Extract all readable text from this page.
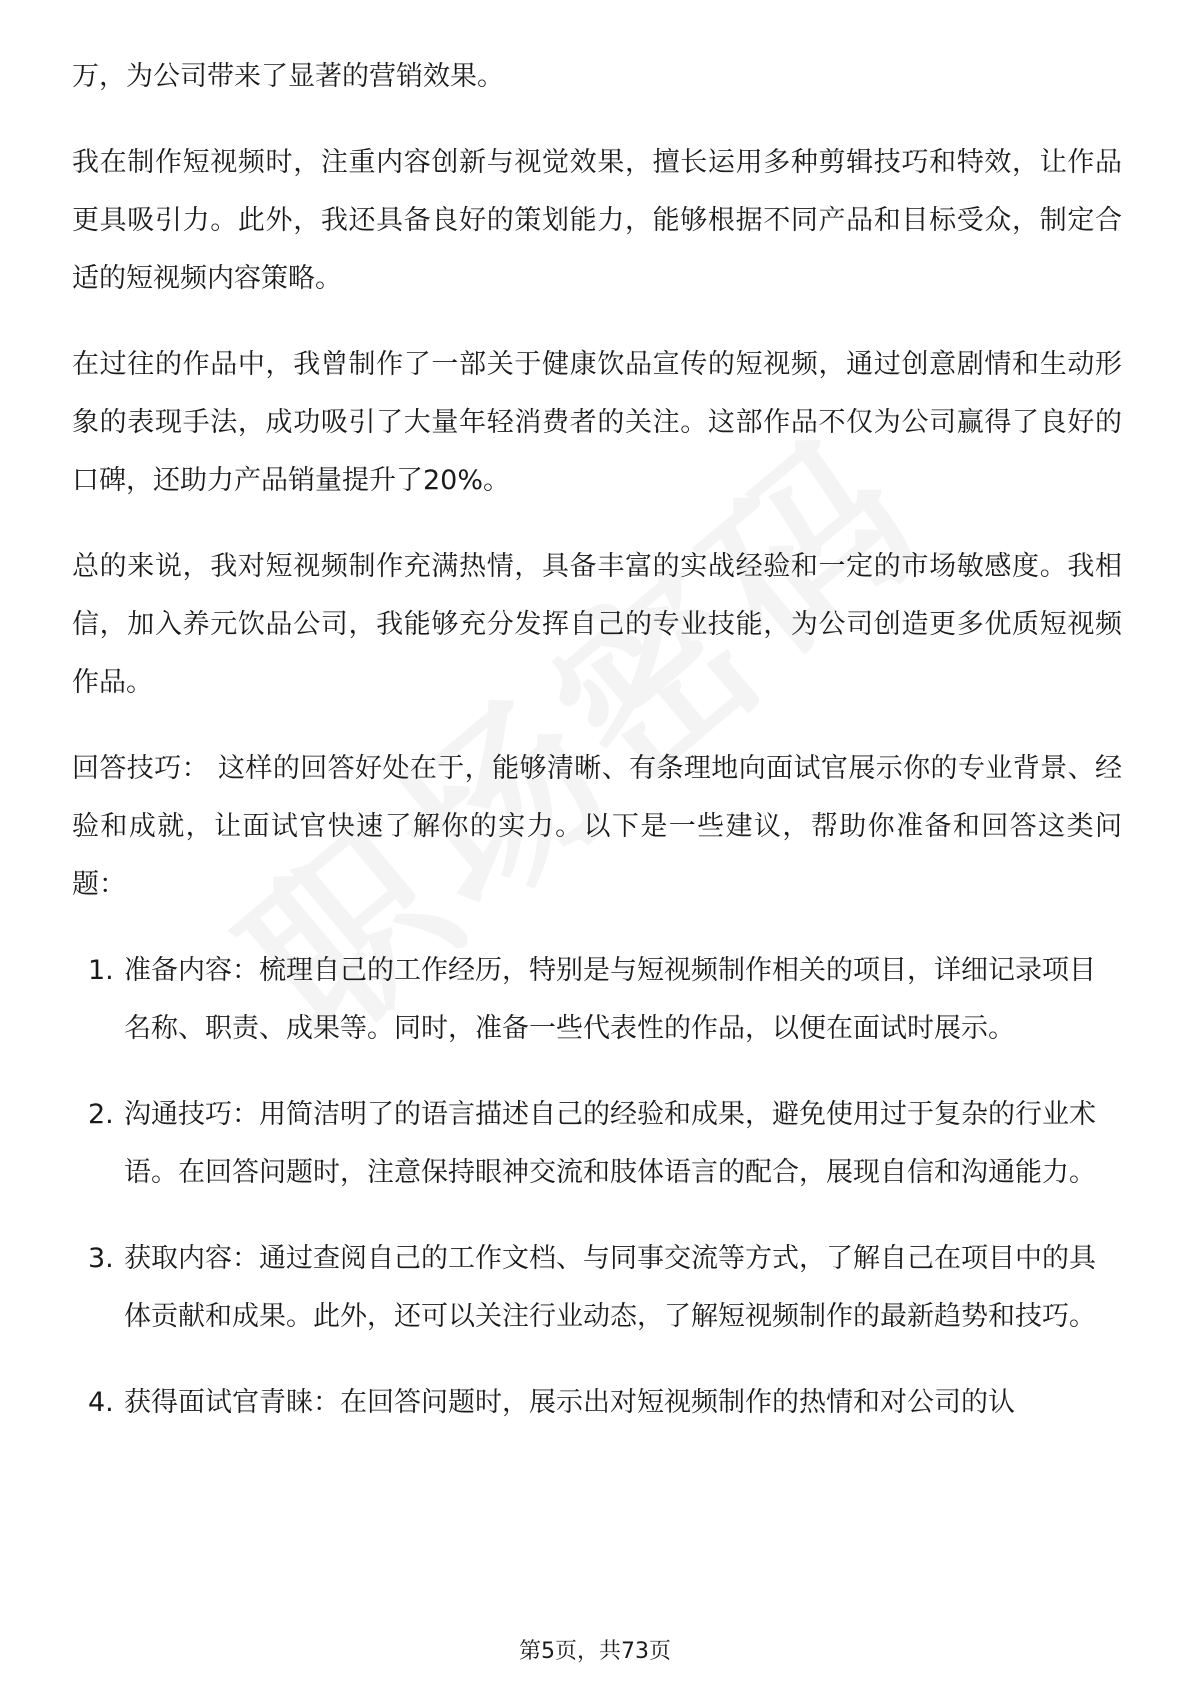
万，为公司带来了显著的营销效果。

我在制作短视频时，注重内容创新与视觉效果，擅长运用多种剪辑技巧和特效，让作品更具吸引力。此外，我还具备良好的策划能力，能够根据不同产品和目标受众，制定合适的短视频内容策略。

在过往的作品中，我曾制作了一部关于健康饮品宣传的短视频，通过创意剧情和生动形象的表现手法，成功吸引了大量年轻消费者的关注。这部作品不仅为公司赢得了良好的口碑，还助力产品销量提升了20%。

总的来说，我对短视频制作充满热情，具备丰富的实战经验和一定的市场敏感度。我相信，加入养元饮品公司，我能够充分发挥自己的专业技能，为公司创造更多优质短视频作品。

回答技巧： 这样的回答好处在于，能够清晰、有条理地向面试官展示你的专业背景、经验和成就，让面试官快速了解你的实力。以下是一些建议，帮助你准备和回答这类问题：

1. 准备内容：梳理自己的工作经历，特别是与短视频制作相关的项目，详细记录项目名称、职责、成果等。同时，准备一些代表性的作品，以便在面试时展示。
2. 沟通技巧：用简洁明了的语言描述自己的经验和成果，避免使用过于复杂的行业术语。在回答问题时，注意保持眼神交流和肢体语言的配合，展现自信和沟通能力。
3. 获取内容：通过查阅自己的工作文档、与同事交流等方式，了解自己在项目中的具体贡献和成果。此外，还可以关注行业动态，了解短视频制作的最新趋势和技巧。
4. 获得面试官青睐：在回答问题时，展示出对短视频制作的热情和对公司的认
第5页，共73页
